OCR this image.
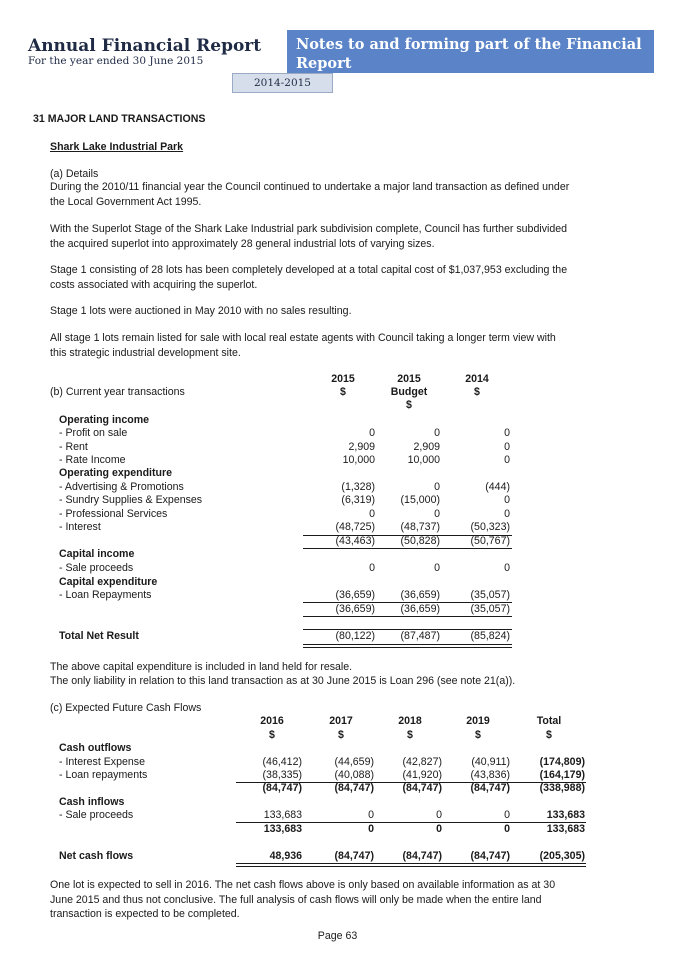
Annual Financial Report
For the year ended 30 June 2015
Notes to and forming part of the Financial Report
2014-2015
31 MAJOR LAND TRANSACTIONS
Shark Lake Industrial Park
(a) Details
During the 2010/11 financial year the Council continued to undertake a major land transaction as defined under the Local Government Act 1995.
With the Superlot Stage of the Shark Lake Industrial park subdivision complete, Council has further subdivided the acquired superlot into approximately 28 general industrial lots of varying sizes.
Stage 1 consisting of 28 lots has been completely developed at a total capital cost of $1,037,953 excluding the costs associated with acquiring the superlot.
Stage 1 lots were auctioned in May 2010 with no sales resulting.
All stage 1 lots remain listed for sale with local real estate agents with Council taking a longer term view with this strategic industrial development site.
2015	2015	2014
(b) Current year transactions	$	Budget	$
$
Operating income
- Profit on sale	0	0	0
- Rent	2,909	2,909	0
- Rate Income	10,000	10,000	0
Operating expenditure
- Advertising & Promotions	(1,328)	0	(444)
- Sundry Supplies & Expenses	(6,319)	(15,000)	0
- Professional Services	0	0	0
- Interest	(48,725)	(48,737)	(50,323)
(43,463)	(50,828)	(50,767)
Capital income
- Sale proceeds	0	0	0
Capital expenditure
- Loan Repayments	(36,659)	(36,659)	(35,057)
(36,659)	(36,659)	(35,057)
Total Net Result	(80,122)	(87,487)	(85,824)
The above capital expenditure is included in land held for resale.
The only liability in relation to this land transaction as at 30 June 2015 is Loan 296 (see note 21(a)).
(c) Expected Future Cash Flows
2016	2017	2018	2019	Total
$	$	$	$	$
Cash outflows
- Interest Expense	(46,412)	(44,659)	(42,827)	(40,911)	(174,809)
- Loan repayments	(38,335)	(40,088)	(41,920)	(43,836)	(164,179)
(84,747)	(84,747)	(84,747)	(84,747)	(338,988)
Cash inflows
- Sale proceeds	133,683	0	0	0	133,683
133,683	0	0	0	133,683
Net cash flows	48,936	(84,747)	(84,747)	(84,747)	(205,305)
One lot is expected to sell in 2016. The net cash flows above is only based on available information as at 30 June 2015 and thus not conclusive. The full analysis of cash flows will only be made when the entire land transaction is expected to be completed.
Page 63
